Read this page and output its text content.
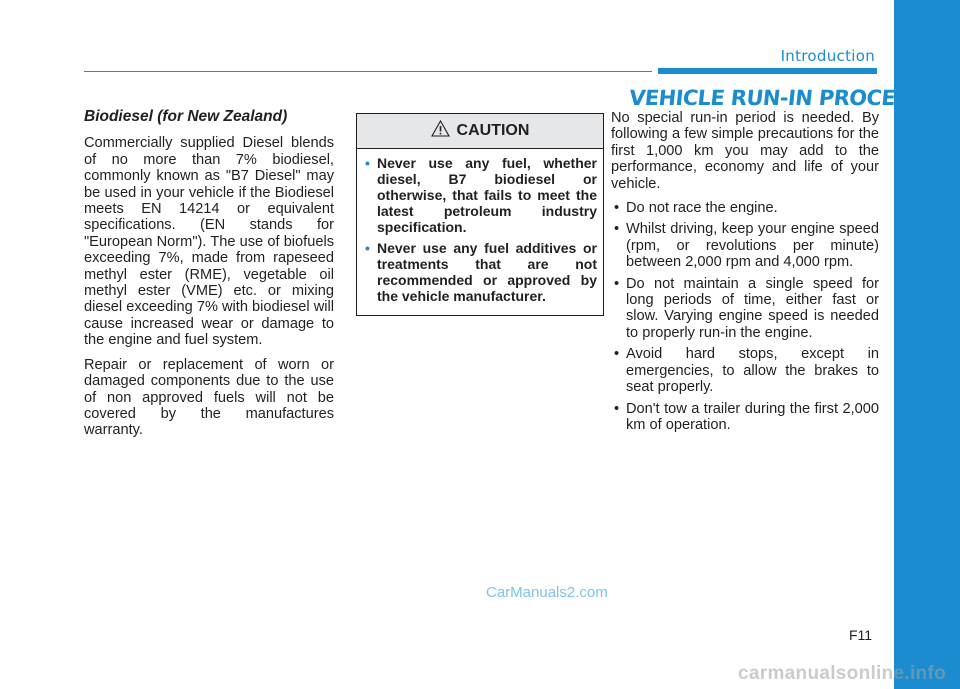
Introduction
Biodiesel (for New Zealand)

Commercially supplied Diesel blends of no more than 7% biodiesel, commonly known as "B7 Diesel" may be used in your vehicle if the Biodiesel meets EN 14214 or equivalent specifications. (EN stands for "European Norm"). The use of biofuels exceeding 7%, made from rapeseed methyl ester (RME), vegetable oil methyl ester (VME) etc. or mixing diesel exceeding 7% with biodiesel will cause increased wear or damage to the engine and fuel system.

Repair or replacement of worn or damaged components due to the use of non approved fuels will not be covered by the manufactures warranty.

CAUTION
• Never use any fuel, whether diesel, B7 biodiesel or otherwise, that fails to meet the latest petroleum industry specification.
• Never use any fuel additives or treatments that are not recommended or approved by the vehicle manufacturer.
VEHICLE RUN-IN PROCESS

No special run-in period is needed. By following a few simple precautions for the first 1,000 km you may add to the performance, economy and life of your vehicle.

• Do not race the engine.
• Whilst driving, keep your engine speed (rpm, or revolutions per minute) between 2,000 rpm and 4,000 rpm.
• Do not maintain a single speed for long periods of time, either fast or slow. Varying engine speed is needed to properly run-in the engine.
• Avoid hard stops, except in emergencies, to allow the brakes to seat properly.
• Don't tow a trailer during the first 2,000 km of operation.
CarManuals2.com
F11
carmanualsonline.info
